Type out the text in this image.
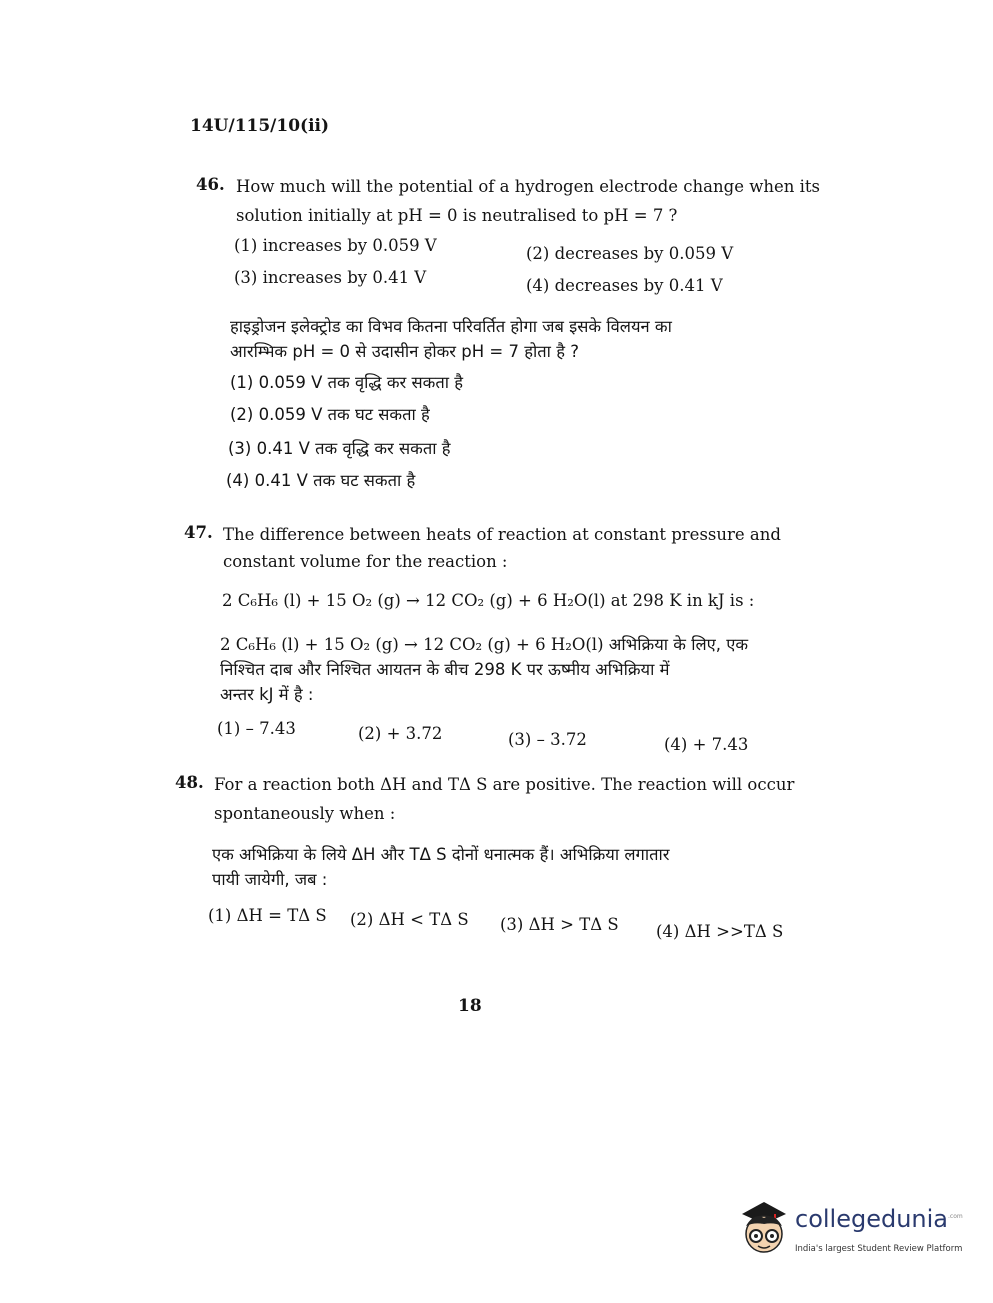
14U/115/10(ii)
46. How much will the potential of a hydrogen electrode change when its
solution initially at pH = 0 is neutralised to pH = 7 ?
(1) increases by 0.059 V	(2) decreases by 0.059 V
(3) increases by 0.41 V	(4) decreases by 0.41 V
हाइड्रोजन इलेक्ट्रोड का विभव कितना परिवर्तित होगा जब इसके विलयन का
आरम्भिक pH = 0 से उदासीन होकर pH = 7 होता है ?
(1) 0.059 V तक वृद्धि कर सकता है
(2) 0.059 V तक घट सकता है
(3) 0.41 V तक वृद्धि कर सकता है
(4) 0.41 V तक घट सकता है
47. The difference between heats of reaction at constant pressure and
constant volume for the reaction :
2 C₆H₆ (l) + 15 O₂ (g) → 12 CO₂ (g) + 6 H₂O(l) at 298 K in kJ is :
2 C₆H₆ (l) + 15 O₂ (g) → 12 CO₂ (g) + 6 H₂O(l) अभिक्रिया के लिए, एक
निश्चित दाब और निश्चित आयतन के बीच 298 K पर ऊष्मीय अभिक्रिया में
अन्तर kJ में है :
(1) – 7.43	(2) + 3.72	(3) – 3.72	(4) + 7.43
48. For a reaction both ΔH and TΔ S are positive. The reaction will occur
spontaneously when :
एक अभिक्रिया के लिये ΔH और TΔ S दोनों धनात्मक हैं। अभिक्रिया लगातार
पायी जायेगी, जब :
(1) ΔH = TΔ S (2) ΔH < TΔ S (3) ΔH > TΔ S (4) ΔH >>TΔ S
18
collegedunia$^{.com}$
India's largest Student Review Platform
